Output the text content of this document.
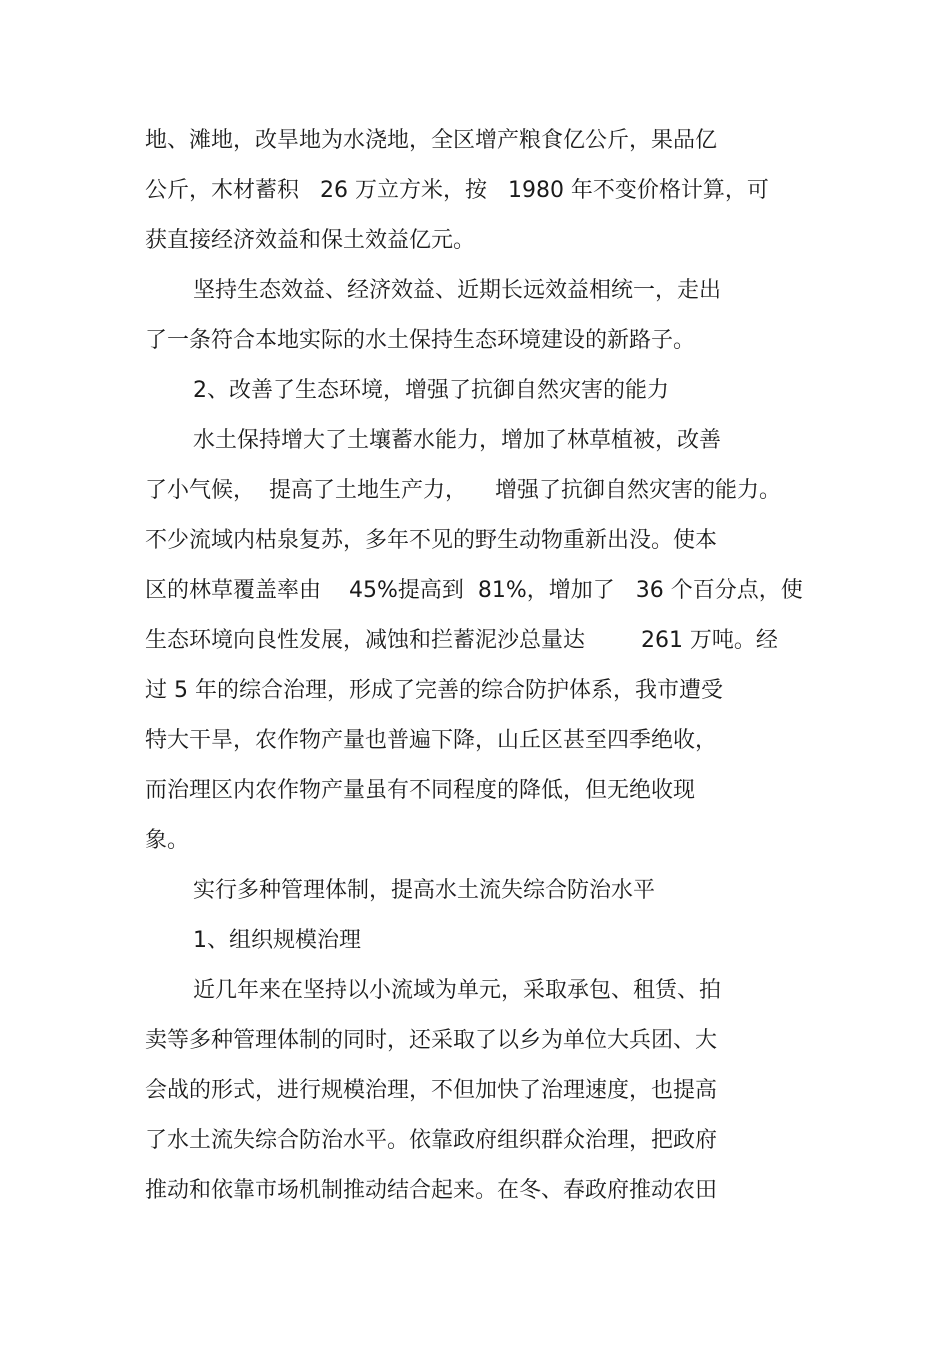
地、滩地，改旱地为水浇地，全区增产粮食亿公斤，果品亿
公斤，木材蓄积   26 万立方米，按   1980 年不变价格计算，可
获直接经济效益和保土效益亿元。
坚持生态效益、经济效益、近期长远效益相统一，走出
了一条符合本地实际的水土保持生态环境建设的新路子。
2、改善了生态环境，增强了抗御自然灾害的能力
水土保持增大了土壤蓄水能力，增加了林草植被，改善
了小气候，  提高了土地生产力，    增强了抗御自然灾害的能力。
不少流域内枯泉复苏，多年不见的野生动物重新出没。使本
区的林草覆盖率由    45%提高到  81%，增加了   36 个百分点，使
生态环境向良性发展，减蚀和拦蓄泥沙总量达        261 万吨。经
过 5 年的综合治理，形成了完善的综合防护体系，我市遭受
特大干旱，农作物产量也普遍下降，山丘区甚至四季绝收，
而治理区内农作物产量虽有不同程度的降低，但无绝收现
象。
实行多种管理体制，提高水土流失综合防治水平
1、组织规模治理
近几年来在坚持以小流域为单元，采取承包、租赁、拍
卖等多种管理体制的同时，还采取了以乡为单位大兵团、大
会战的形式，进行规模治理，不但加快了治理速度，也提高
了水土流失综合防治水平。依靠政府组织群众治理，把政府
推动和依靠市场机制推动结合起来。在冬、春政府推动农田
